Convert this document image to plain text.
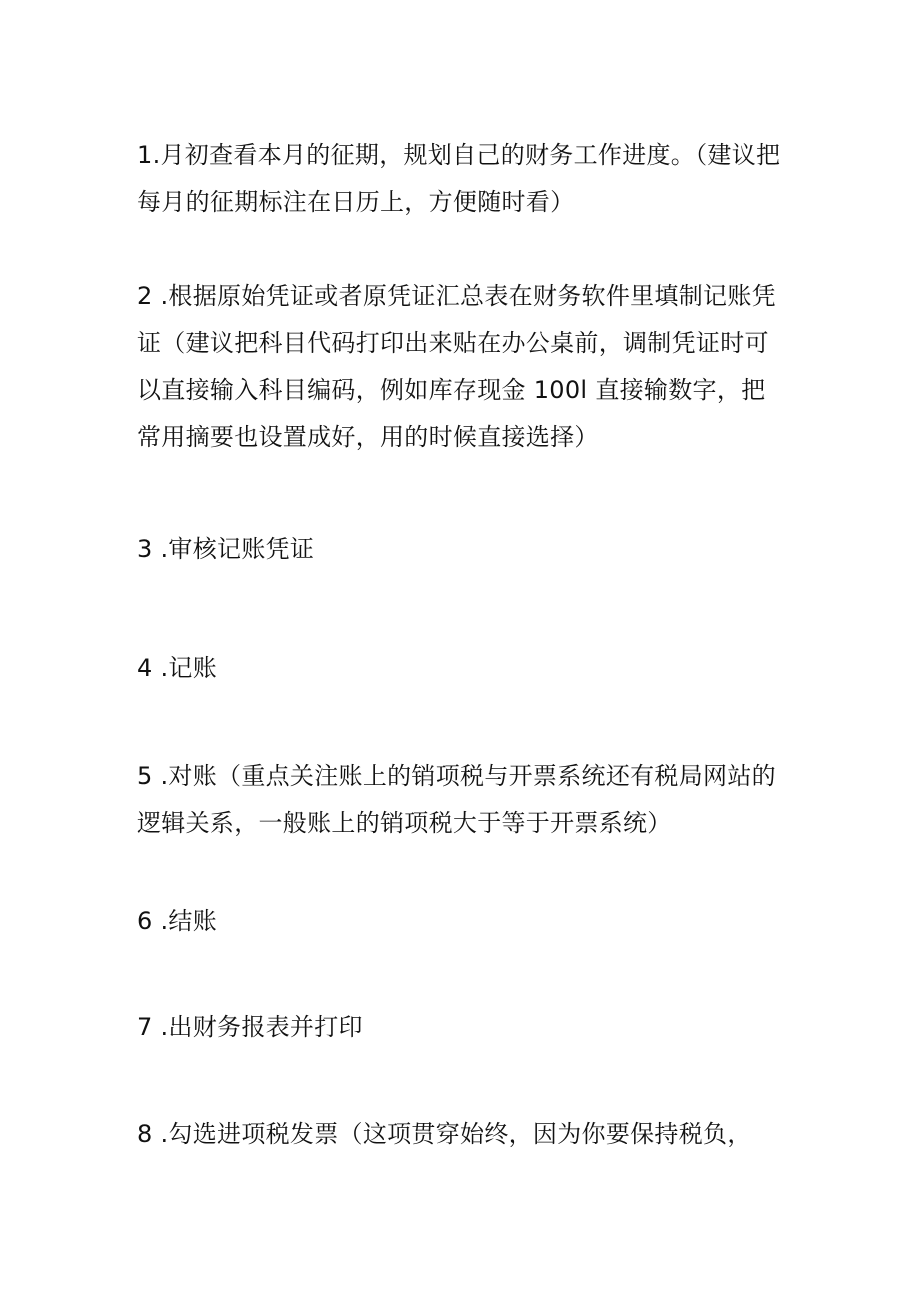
1.月初查看本月的征期，规划自己的财务工作进度。（建议把每月的征期标注在日历上，方便随时看）

2 .根据原始凭证或者原凭证汇总表在财务软件里填制记账凭证（建议把科目代码打印出来贴在办公桌前，调制凭证时可以直接输入科目编码，例如库存现金 100l 直接输数字，把常用摘要也设置成好，用的时候直接选择）

3 .审核记账凭证

4 .记账

5 .对账（重点关注账上的销项税与开票系统还有税局网站的逻辑关系，一般账上的销项税大于等于开票系统）

6 .结账

7 .出财务报表并打印

8 .勾选进项税发票（这项贯穿始终，因为你要保持税负，
